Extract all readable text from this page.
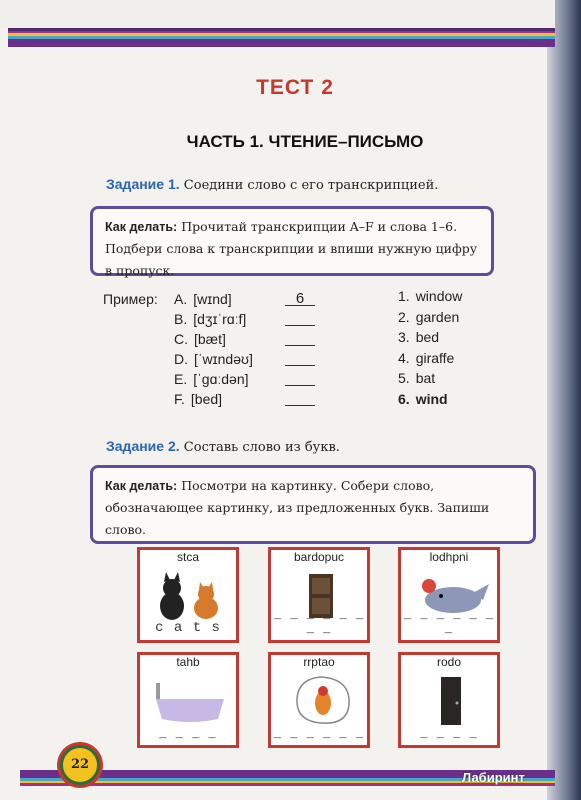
ТЕСТ 2
ЧАСТЬ 1. ЧТЕНИЕ–ПИСЬМО
Задание 1. Соедини слово с его транскрипцией.
Как делать: Прочитай транскрипции A–F и слова 1–6. Подбери слова к транскрипции и впиши нужную цифру в пропуск.
Пример: A. [wɪnd]	6
B. [dʒɪˈrɑːf]
C. [bæt]
D. [ˈwɪndəʊ]
E. [ˈɡɑːdən]
F. [bed]
1. window
2. garden
3. bed
4. giraffe
5. bat
6. wind
Задание 2. Составь слово из букв.
Как делать: Посмотри на картинку. Собери слово, обозначающее картинку, из предложенных букв. Запиши слово.
stca
c a t s
bardopuc
_ _ _ _ _ _ _ _
lodhpni
_ _ _ _ _ _ _
tahb
_ _ _ _
rrptao
_ _ _ _ _ _
rodo
_ _ _ _
22
Лабиринт
